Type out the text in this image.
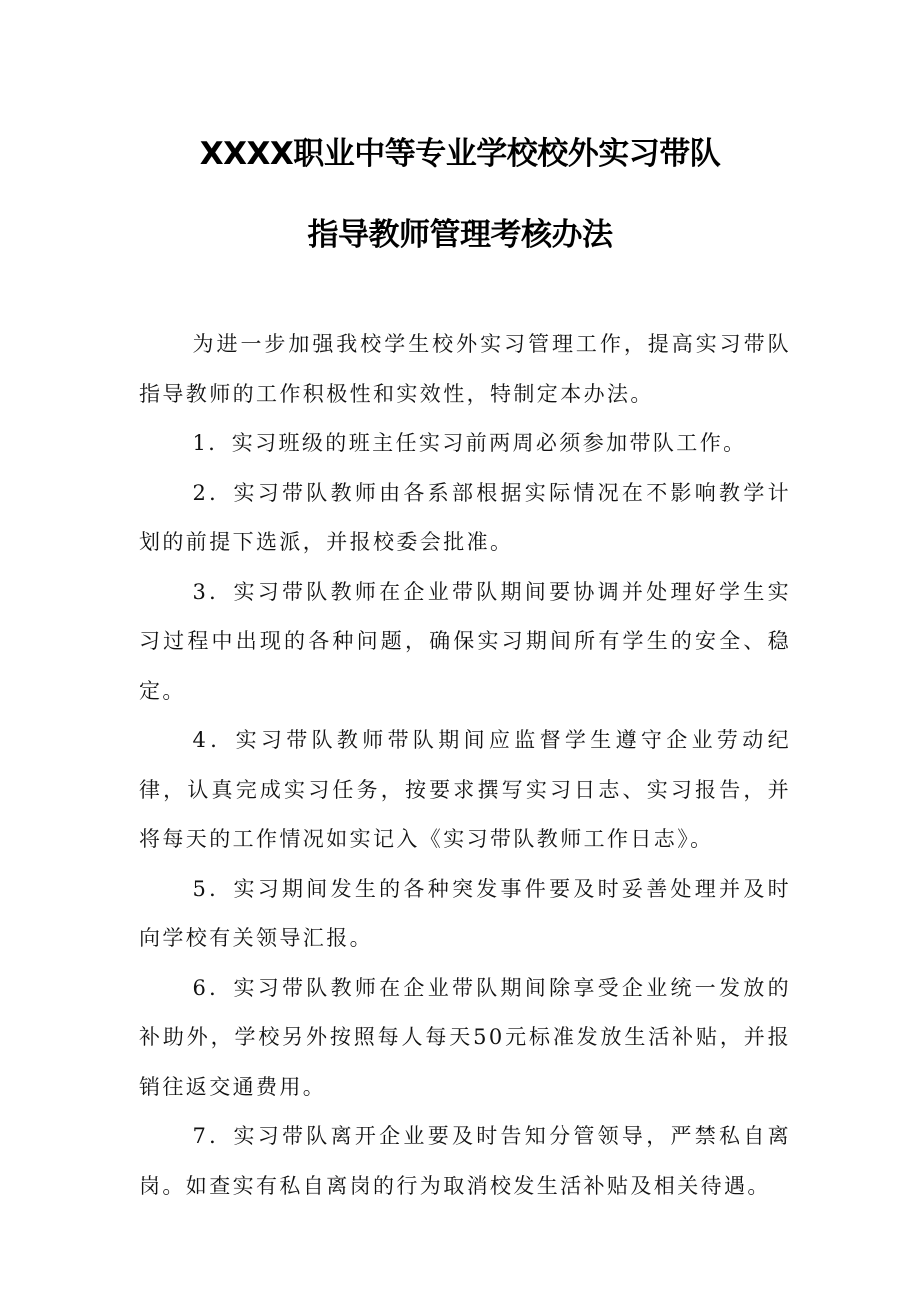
XXXX职业中等专业学校校外实习带队
指导教师管理考核办法

为进一步加强我校学生校外实习管理工作，提高实习带队指导教师的工作积极性和实效性，特制定本办法。

1．实习班级的班主任实习前两周必须参加带队工作。

2．实习带队教师由各系部根据实际情况在不影响教学计划的前提下选派，并报校委会批准。

3．实习带队教师在企业带队期间要协调并处理好学生实习过程中出现的各种问题，确保实习期间所有学生的安全、稳定。

4．实习带队教师带队期间应监督学生遵守企业劳动纪律，认真完成实习任务，按要求撰写实习日志、实习报告，并将每天的工作情况如实记入《实习带队教师工作日志》。

5．实习期间发生的各种突发事件要及时妥善处理并及时向学校有关领导汇报。

6．实习带队教师在企业带队期间除享受企业统一发放的补助外，学校另外按照每人每天50元标准发放生活补贴，并报销往返交通费用。

7．实习带队离开企业要及时告知分管领导，严禁私自离岗。如查实有私自离岗的行为取消校发生活补贴及相关待遇。
